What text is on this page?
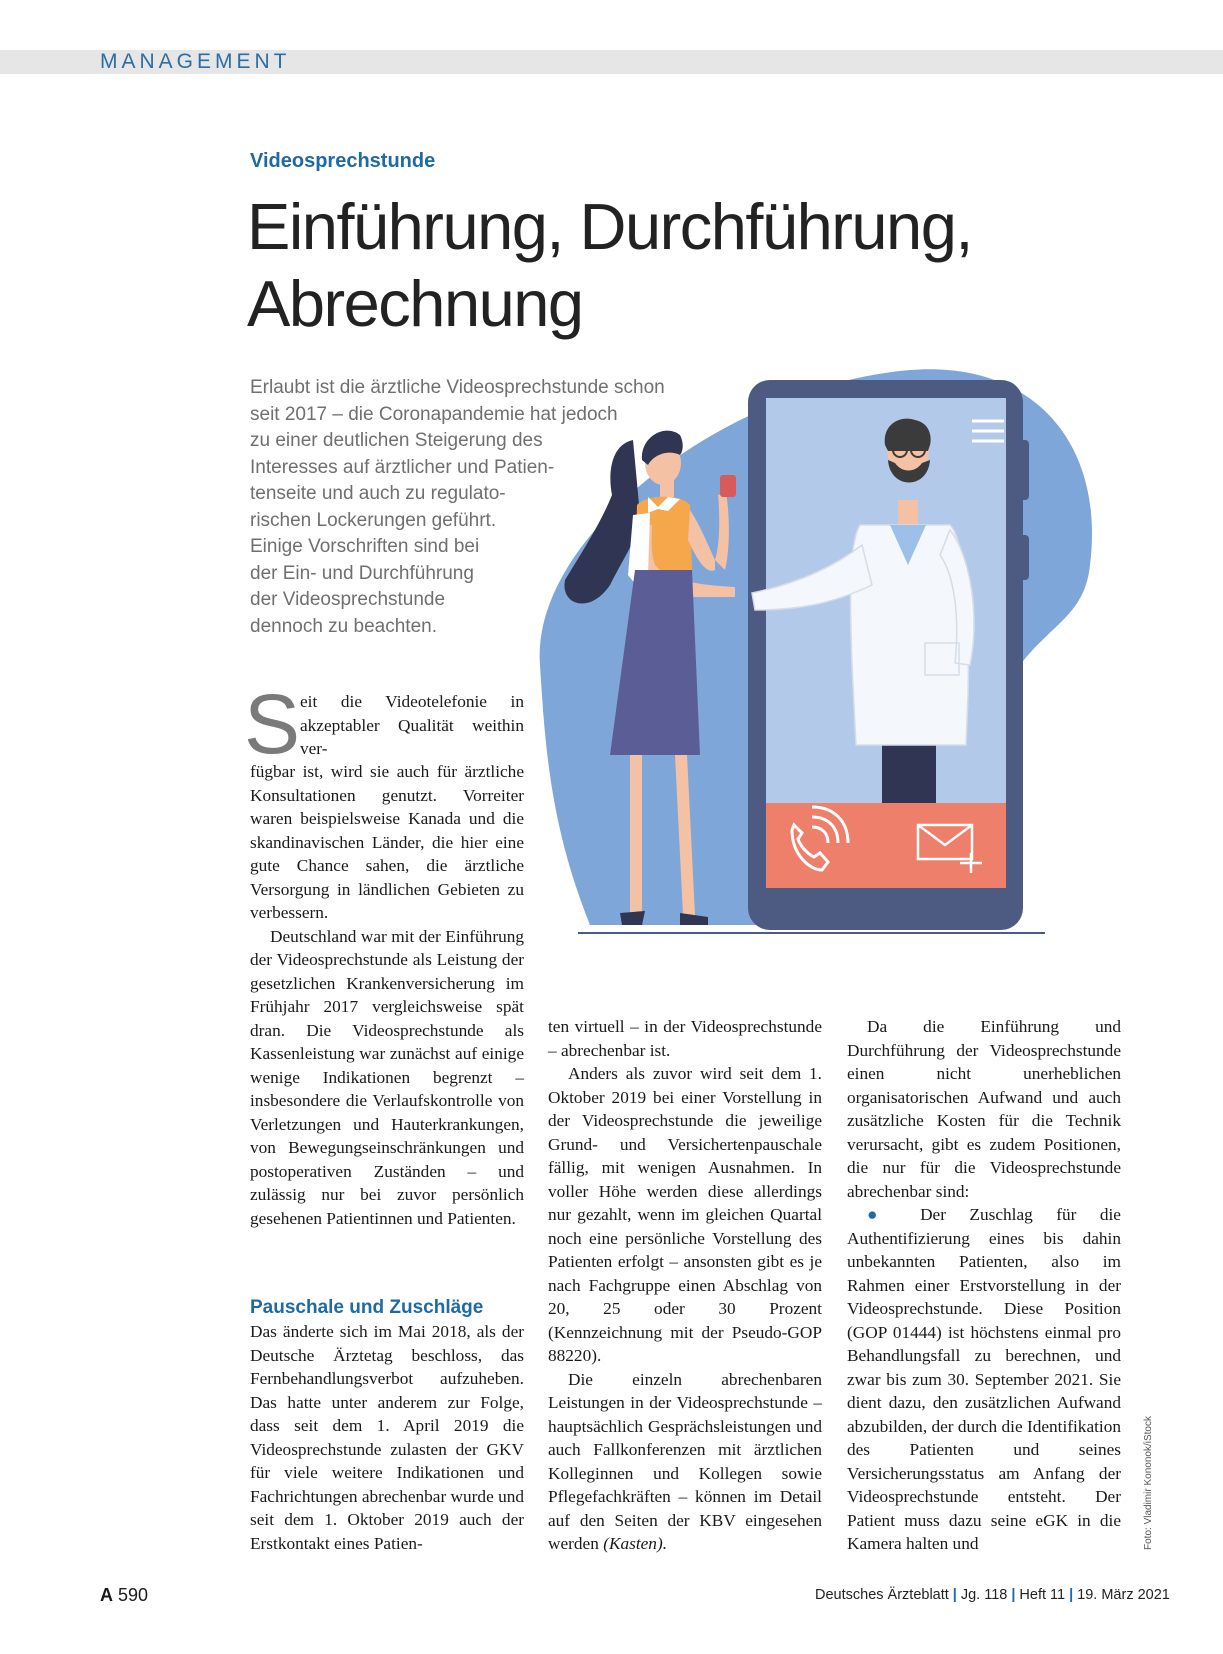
MANAGEMENT
Videosprechstunde
Einführung, Durchführung,
Abrechnung
Erlaubt ist die ärztliche Videosprechstunde schon
seit 2017 – die Coronapandemie hat jedoch
zu einer deutlichen Steigerung des
Interesses auf ärztlicher und Patien-
tenseite und auch zu regulato-
rischen Lockerungen geführt.
Einige Vorschriften sind bei
der Ein- und Durchführung
der Videosprechstunde
dennoch zu beachten.
S eit die Videotelefonie in akzeptabler Qualität weithin ver-

fügbar ist, wird sie auch für ärztliche Konsultationen genutzt. Vorreiter waren beispielsweise Kanada und die skandinavischen Länder, die hier eine gute Chance sahen, die ärztliche Versorgung in ländlichen Gebieten zu verbessern.

Deutschland war mit der Einführung der Videosprechstunde als Leistung der gesetzlichen Krankenversicherung im Frühjahr 2017 vergleichsweise spät dran. Die Videosprechstunde als Kassenleistung war zunächst auf einige wenige Indikationen begrenzt – insbesondere die Verlaufskontrolle von Verletzungen und Hauterkrankungen, von Bewegungseinschränkungen und postoperativen Zuständen – und zulässig nur bei zuvor persönlich gesehenen Patientinnen und Patienten.

Pauschale und Zuschläge

Das änderte sich im Mai 2018, als der Deutsche Ärztetag beschloss, das Fernbehandlungsverbot aufzuheben. Das hatte unter anderem zur Folge, dass seit dem 1. April 2019 die Videosprechstunde zulasten der GKV für viele weitere Indikationen und Fachrichtungen abrechenbar wurde und seit dem 1. Oktober 2019 auch der Erstkontakt eines Patien-

ten virtuell – in der Videosprechstunde – abrechenbar ist.

Anders als zuvor wird seit dem 1. Oktober 2019 bei einer Vorstellung in der Videosprechstunde die jeweilige Grund- und Versichertenpauschale fällig, mit wenigen Ausnahmen. In voller Höhe werden diese allerdings nur gezahlt, wenn im gleichen Quartal noch eine persönliche Vorstellung des Patienten erfolgt – ansonsten gibt es je nach Fachgruppe einen Abschlag von 20, 25 oder 30 Prozent (Kennzeichnung mit der Pseudo-GOP 88220).

Die einzeln abrechenbaren Leistungen in der Videosprechstunde – hauptsächlich Gesprächsleistungen und auch Fallkonferenzen mit ärztlichen Kolleginnen und Kollegen sowie Pflegefachkräften – können im Detail auf den Seiten der KBV eingesehen werden (Kasten).

Da die Einführung und Durchführung der Videosprechstunde einen nicht unerheblichen organisatorischen Aufwand und auch zusätzliche Kosten für die Technik verursacht, gibt es zudem Positionen, die nur für die Videosprechstunde abrechenbar sind:

● Der Zuschlag für die Authentifizierung eines bis dahin unbekannten Patienten, also im Rahmen einer Erstvorstellung in der Videosprechstunde. Diese Position (GOP 01444) ist höchstens einmal pro Behandlungsfall zu berechnen, und zwar bis zum 30. September 2021. Sie dient dazu, den zusätzlichen Aufwand abzubilden, der durch die Identifikation des Patienten und seines Versicherungsstatus am Anfang der Videosprechstunde entsteht. Der Patient muss dazu seine eGK in die Kamera halten und	Foto: Vladimir Kononok/iStock
A 590	Deutsches Ärzteblatt | Jg. 118 | Heft 11 | 19. März 2021
